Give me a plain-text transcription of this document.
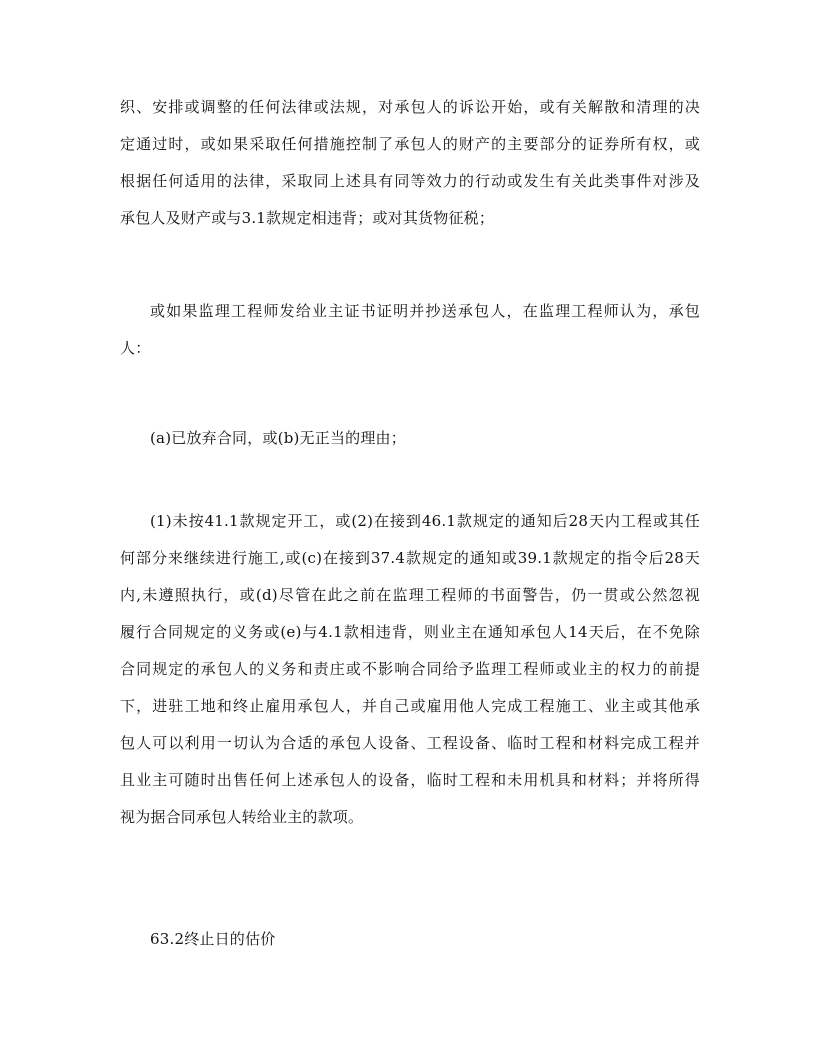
织、安排或调整的任何法律或法规，对承包人的诉讼开始，或有关解散和清理的决
定通过时，或如果采取任何措施控制了承包人的财产的主要部分的证券所有权，或
根据任何适用的法律，采取同上述具有同等效力的行动或发生有关此类事件对涉及
承包人及财产或与3.1款规定相违背；或对其货物征税；
或如果监理工程师发给业主证书证明并抄送承包人，在监理工程师认为，承包
人：
(a)已放弃合同，或(b)无正当的理由；
(1)未按41.1款规定开工，或(2)在接到46.1款规定的通知后28天内工程或其任
何部分来继续进行施工,或(c)在接到37.4款规定的通知或39.1款规定的指令后28天
内,未遵照执行，或(d)尽管在此之前在监理工程师的书面警告，仍一贯或公然忽视
履行合同规定的义务或(e)与4.1款相违背，则业主在通知承包人14天后，在不免除
合同规定的承包人的义务和责庄或不影响合同给予监理工程师或业主的权力的前提
下，进驻工地和终止雇用承包人，并自己或雇用他人完成工程施工、业主或其他承
包人可以利用一切认为合适的承包人设备、工程设备、临时工程和材料完成工程并
且业主可随时出售任何上述承包人的设备，临时工程和未用机具和材料；并将所得
视为据合同承包人转给业主的款项。
63.2终止日的估价
